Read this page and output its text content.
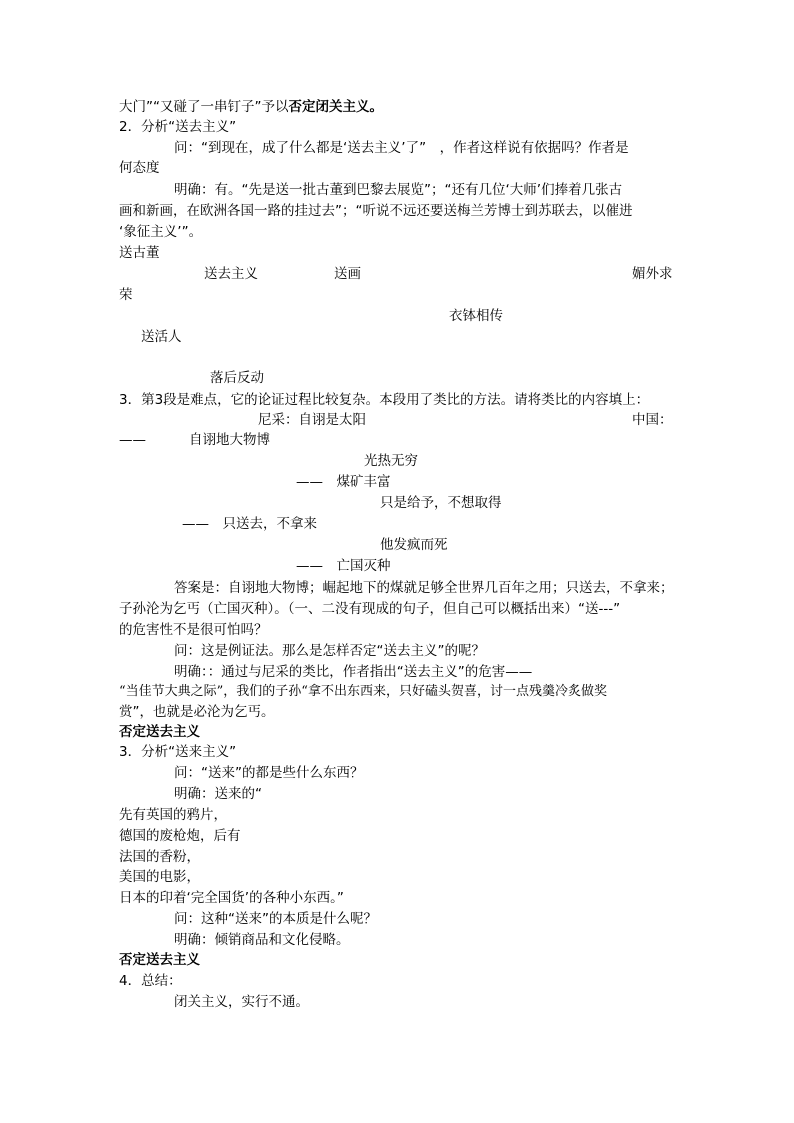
大门”“又碰了一串钉子”予以否定闭关主义。
2．分析“送去主义”
问：“到现在，成了什么都是‘送去主义’了”　，作者这样说有依据吗？作者是
何态度
明确：有。“先是送一批古董到巴黎去展览”；“还有几位‘大师’们捧着几张古
画和新画，在欧洲各国一路的挂过去”；“听说不远还要送梅兰芳博士到苏联去，以催进
‘象征主义’”。
送古董
送去主义	送画	媚外求
荣
衣钵相传
送活人
落后反动
3．第3段是难点，它的论证过程比较复杂。本段用了类比的方法。请将类比的内容填上：
尼采：自诩是太阳	中国：
——	自诩地大物博
光热无穷
——　煤矿丰富
只是给予，不想取得
——　只送去，不拿来
他发疯而死
——　亡国灭种
答案是：自诩地大物博；崛起地下的煤就足够全世界几百年之用；只送去，不拿来；
子孙沦为乞丐（亡国灭种）。（一、二没有现成的句子，但自己可以概括出来）“送---”
的危害性不是很可怕吗？
问：这是例证法。那么是怎样否定“送去主义”的呢？
明确：：通过与尼采的类比，作者指出“送去主义”的危害——
“当佳节大典之际”，我们的子孙“拿不出东西来，只好磕头贺喜，讨一点残羹冷炙做奖
赏”，也就是必沦为乞丐。
否定送去主义
3．分析“送来主义”
问：“送来”的都是些什么东西？
明确：送来的“
先有英国的鸦片，
德国的废枪炮，后有
法国的香粉，
美国的电影，
日本的印着‘完全国货’的各种小东西。”
问：这种“送来”的本质是什么呢？
明确：倾销商品和文化侵略。
否定送去主义
4．总结：
闭关主义，实行不通。
